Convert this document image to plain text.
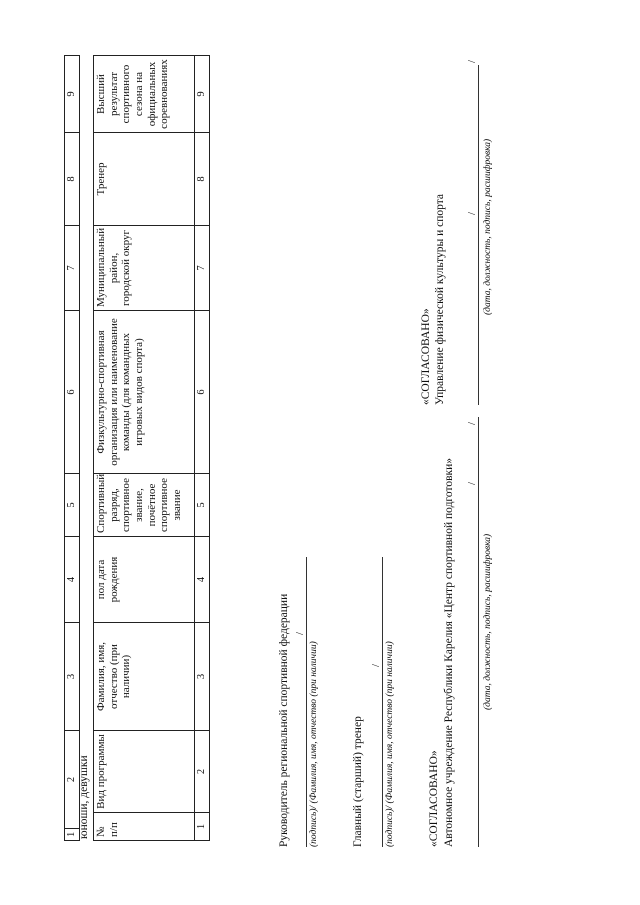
1	2	3	4	5	6	7	8	9
юноши, девушки № п/п	Вид программы	Фамилия, имя, отчество (при наличии)	пол дата рождения	Спортивный разряд, спортивное звание, почётное спортивное звание	Физкультурно-спортивная организация или наименование команды (для командных игровых видов спорта)	Муниципальный район, городской округ	Тренер	Высший результат спортивного сезона на официальных соревнованиях
1	2	3	4	5	6	7	8	9
Руководитель региональной спортивной федерации /
(подпись)/ (Фамилия, имя, отчество (при наличии)	Главный (старший) тренер
/ (подпись)/ (Фамилия, имя, отчество (при наличии)	«СОГЛАСОВАНО» Автономное учреждение Республики Карелия «Центр спортивной подготовки» /
/
(дата, должность, подпись, расшифровка)
«СОГЛАСОВАНО» Управление физической культуры и спорта /
/
(дата, должность, подпись, расшифровка)
